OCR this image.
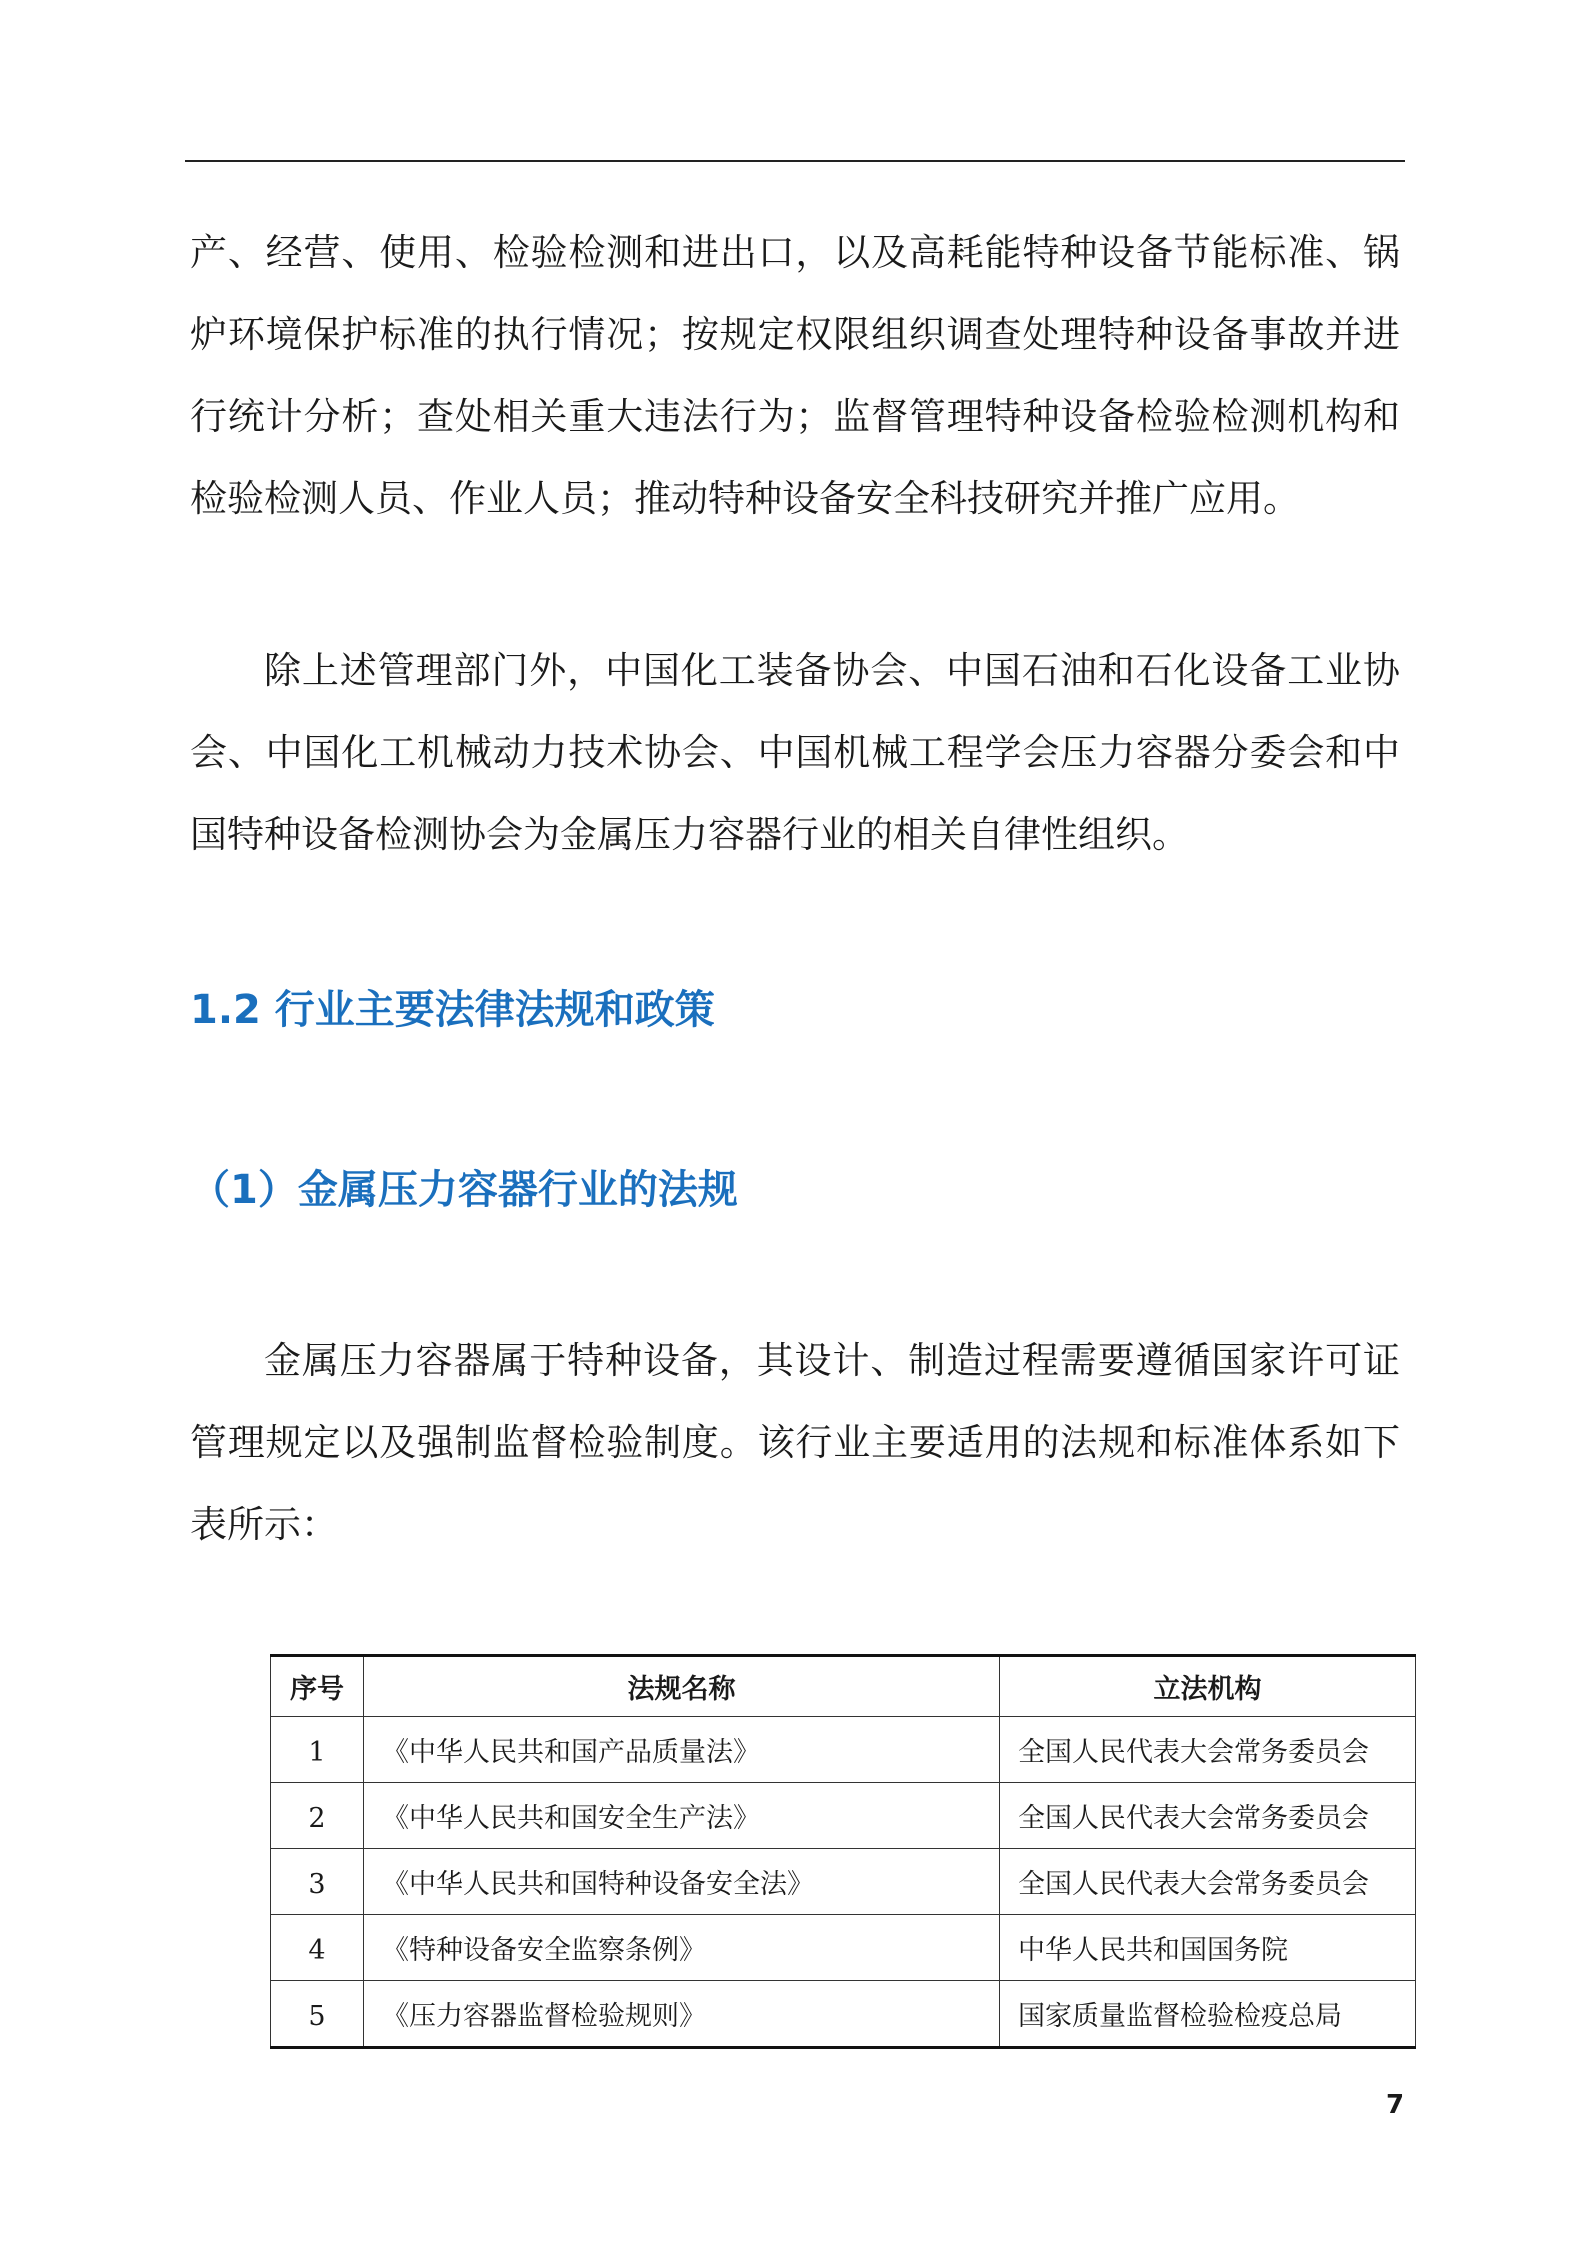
产、经营、使用、检验检测和进出口，以及高耗能特种设备节能标准、锅炉环境保护标准的执行情况；按规定权限组织调查处理特种设备事故并进行统计分析；查处相关重大违法行为；监督管理特种设备检验检测机构和检验检测人员、作业人员；推动特种设备安全科技研究并推广应用。

除上述管理部门外，中国化工装备协会、中国石油和石化设备工业协会、中国化工机械动力技术协会、中国机械工程学会压力容器分委会和中国特种设备检测协会为金属压力容器行业的相关自律性组织。

1.2 行业主要法律法规和政策
（1）金属压力容器行业的法规

金属压力容器属于特种设备，其设计、制造过程需要遵循国家许可证管理规定以及强制监督检验制度。该行业主要适用的法规和标准体系如下表所示：

序号	法规名称	立法机构
1	《中华人民共和国产品质量法》	全国人民代表大会常务委员会
2	《中华人民共和国安全生产法》	全国人民代表大会常务委员会
3	《中华人民共和国特种设备安全法》	全国人民代表大会常务委员会
4	《特种设备安全监察条例》	中华人民共和国国务院
5	《压力容器监督检验规则》	国家质量监督检验检疫总局
7
